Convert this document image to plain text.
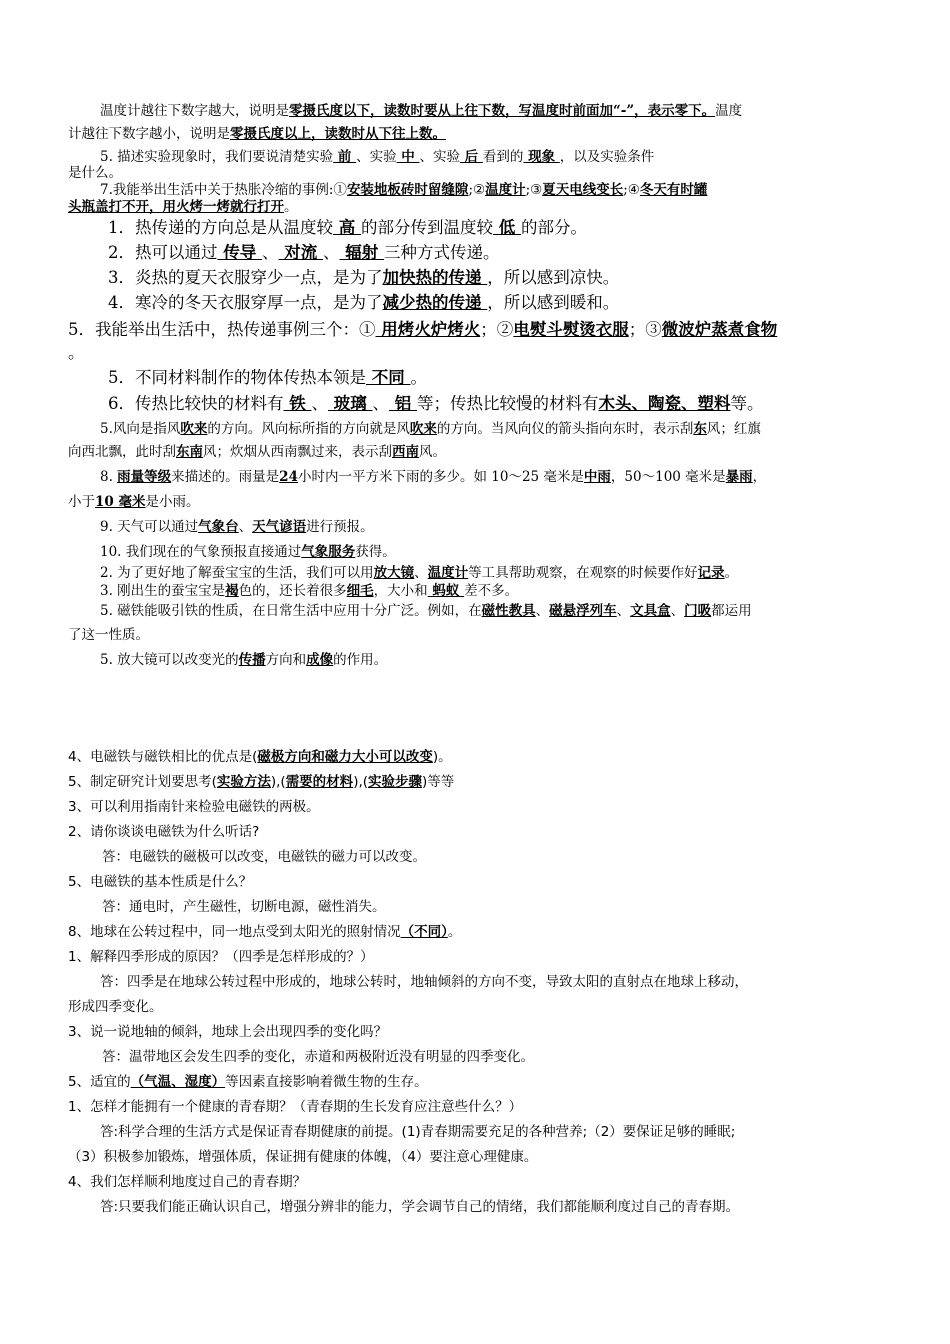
温度计越往下数字越大，说明是零摄氏度以下，读数时要从上往下数，写温度时前面加“-”，表示零下。温度
计越往下数字越小，说明是零摄氏度以上，读数时从下往上数。
5. 描述实验现象时，我们要说清楚实验 前 、实验 中 、实验 后 看到的 现象 ，以及实验条件
是什么。
7.我能举出生活中关于热胀冷缩的事例:①安装地板砖时留缝隙;②温度计;③夏天电线变长;④冬天有时罐
头瓶盖打不开，用火烤一烤就行打开。
1．热传递的方向总是从温度较 高 的部分传到温度较 低 的部分。
2．热可以通过 传导 、 对流 、 辐射 三种方式传递。
3．炎热的夏天衣服穿少一点，是为了加快热的传递 ，所以感到凉快。
4．寒冷的冬天衣服穿厚一点，是为了减少热的传递 ，所以感到暖和。
5．我能举出生活中，热传递事例三个：① 用烤火炉烤火；②电熨斗熨烫衣服；③微波炉蒸煮食物
。
5．不同材料制作的物体传热本领是 不同 。
6．传热比较快的材料有 铁 、 玻璃 、 铝 等；传热比较慢的材料有木头、陶瓷、塑料等。
5.风向是指风吹来的方向。风向标所指的方向就是风吹来的方向。当风向仪的箭头指向东时，表示刮东风；红旗
向西北飘，此时刮东南风；炊烟从西南飘过来，表示刮西南风。
8. 雨量等级来描述的。雨量是24小时内一平方米下雨的多少。如 10～25 毫米是中雨，50～100 毫米是暴雨，
小于10 毫米是小雨。
9. 天气可以通过气象台、天气谚语进行预报。
10. 我们现在的气象预报直接通过气象服务获得。
2. 为了更好地了解蚕宝宝的生活，我们可以用放大镜、温度计等工具帮助观察，在观察的时候要作好记录。
3. 刚出生的蚕宝宝是褐色的，还长着很多细毛，大小和 蚂蚁 差不多。
5. 磁铁能吸引铁的性质，在日常生活中应用十分广泛。例如，在磁性教具、磁悬浮列车、文具盒、门吸都运用
了这一性质。
5. 放大镜可以改变光的传播方向和成像的作用。
4、电磁铁与磁铁相比的优点是(磁极方向和磁力大小可以改变)。
5、制定研究计划要思考(实验方法),(需要的材料),(实验步骤)等等
3、可以利用指南针来检验电磁铁的两极。
2、请你谈谈电磁铁为什么听话?
答：电磁铁的磁极可以改变，电磁铁的磁力可以改变。
5、电磁铁的基本性质是什么？
答：通电时，产生磁性，切断电源，磁性消失。
8、地球在公转过程中，同一地点受到太阳光的照射情况（不同）。
1、解释四季形成的原因？（四季是怎样形成的？）
答：四季是在地球公转过程中形成的，地球公转时，地轴倾斜的方向不变，导致太阳的直射点在地球上移动，
形成四季变化。
3、说一说地轴的倾斜，地球上会出现四季的变化吗？
答：温带地区会发生四季的变化，赤道和两极附近没有明显的四季变化。
5、适宜的（气温、湿度）等因素直接影响着微生物的生存。
1、怎样才能拥有一个健康的青春期？（青春期的生长发育应注意些什么？）
答:科学合理的生活方式是保证青春期健康的前提。(1)青春期需要充足的各种营养;（2）要保证足够的睡眠;
（3）积极参加锻炼，增强体质，保证拥有健康的体魄，（4）要注意心理健康。
4、我们怎样顺利地度过自己的青春期？
答:只要我们能正确认识自己，增强分辨非的能力，学会调节自己的情绪，我们都能顺利度过自己的青春期。
